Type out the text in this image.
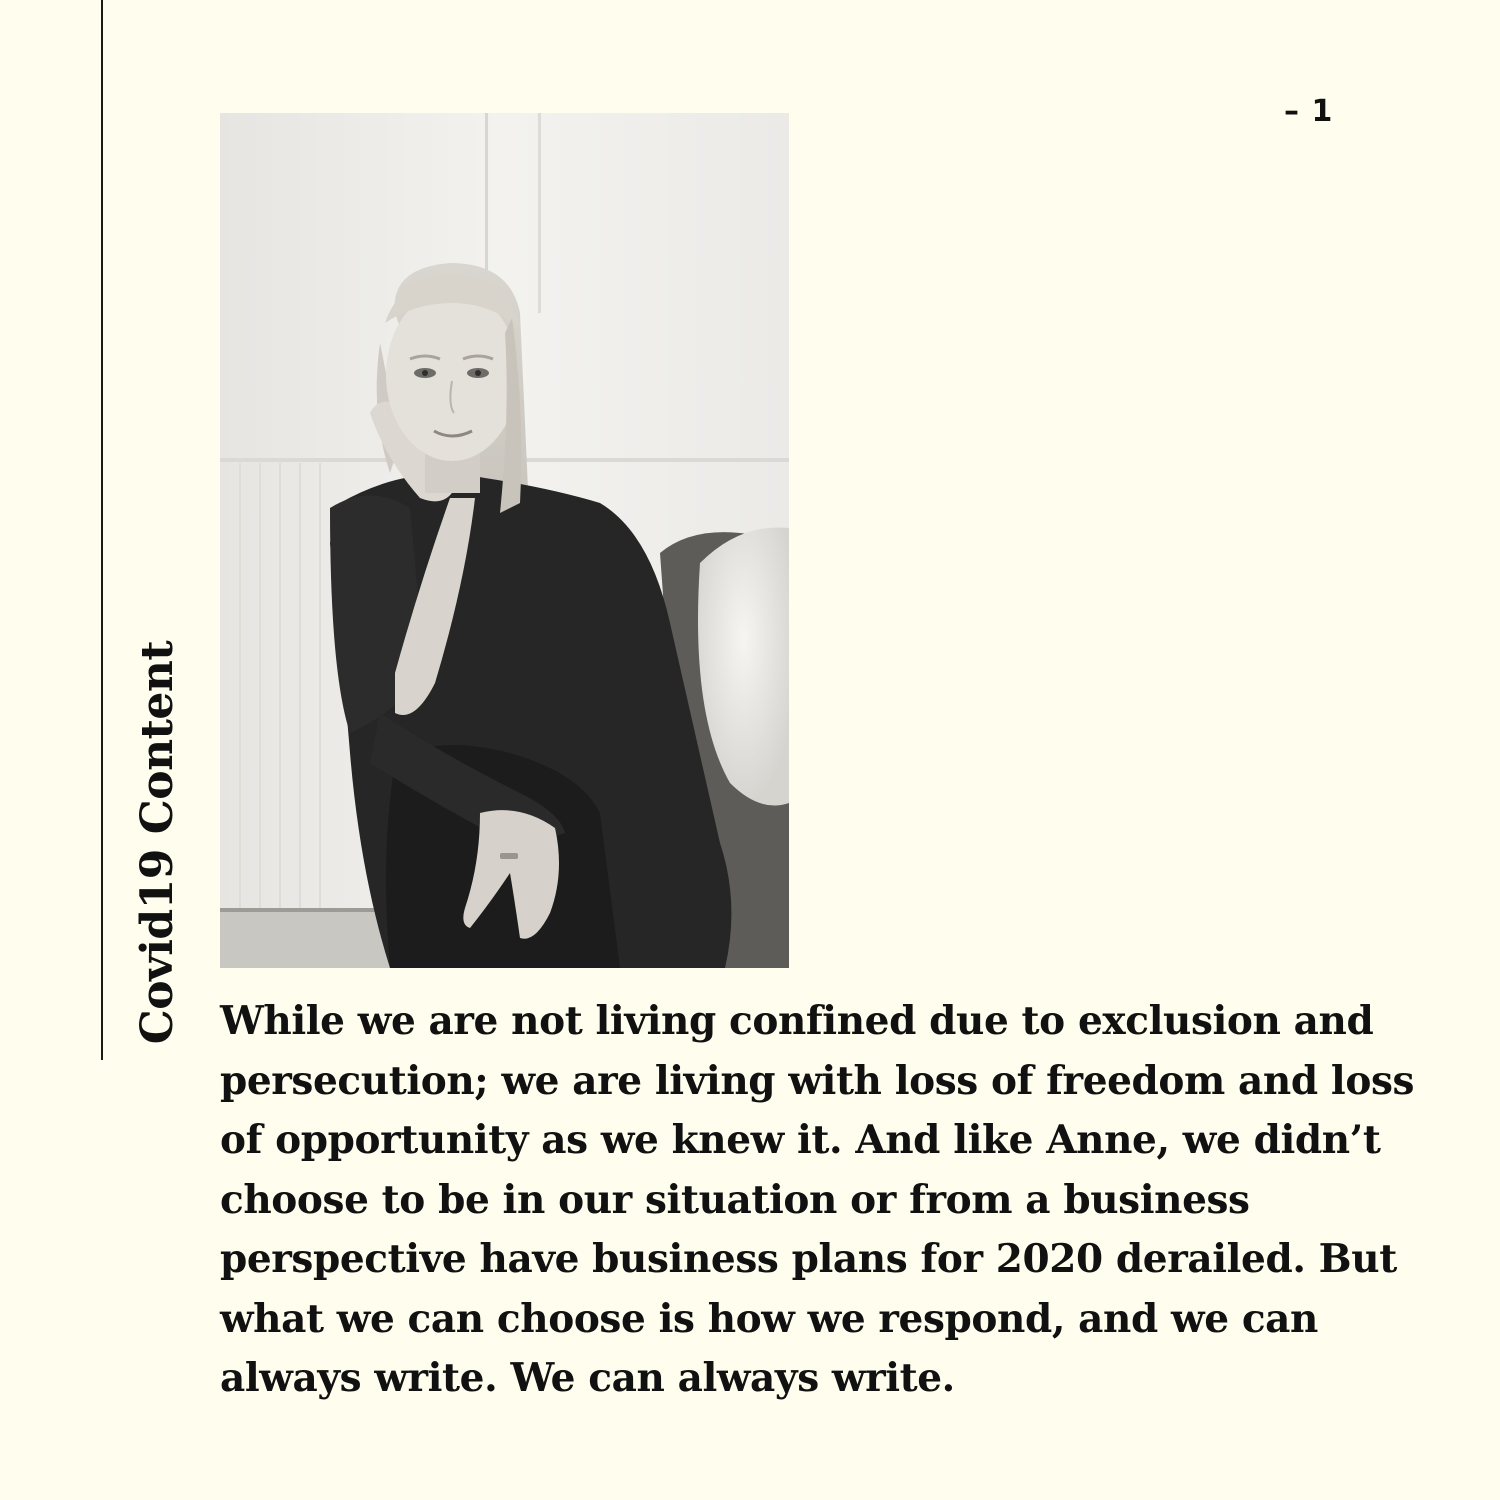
Covid19 Content
– 1

While we are not living confined due to exclusion and
persecution; we are living with loss of freedom and loss
of opportunity as we knew it. And like Anne, we didn’t
choose to be in our situation or from a business
perspective have business plans for 2020 derailed. But
what we can choose is how we respond, and we can
always write. We can always write.
